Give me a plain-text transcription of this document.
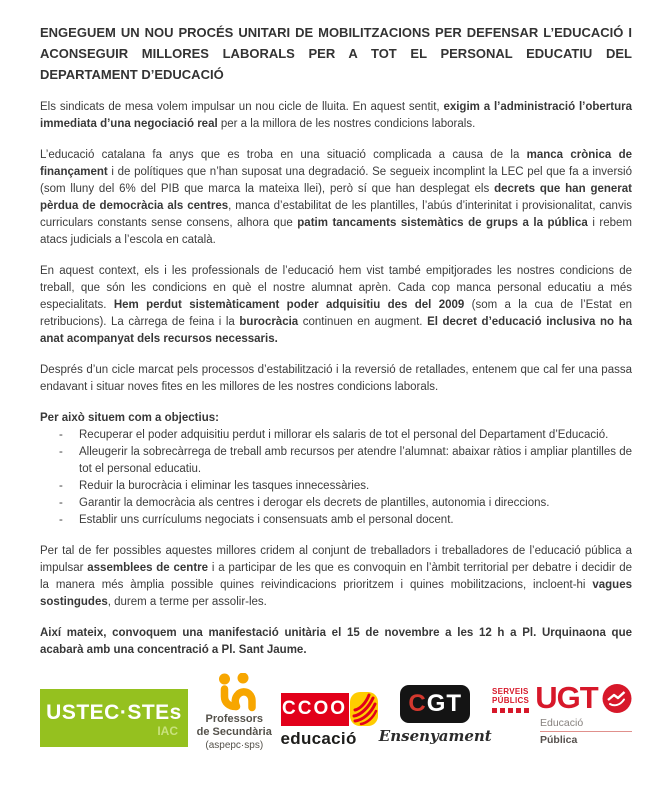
ENGEGUEM UN NOU PROCÉS UNITARI DE MOBILITZACIONS PER DEFENSAR L’EDUCACIÓ I ACONSEGUIR MILLORES LABORALS PER A TOT EL PERSONAL EDUCATIU DEL DEPARTAMENT D’EDUCACIÓ

Els sindicats de mesa volem impulsar un nou cicle de lluita. En aquest sentit, exigim a l’administració l’obertura immediata d’una negociació real per a la millora de les nostres condicions laborals.

L’educació catalana fa anys que es troba en una situació complicada a causa de la manca crònica de finançament i de polítiques que n’han suposat una degradació. Se segueix incomplint la LEC pel que fa a inversió (som lluny del 6% del PIB que marca la mateixa llei), però sí que han desplegat els decrets que han generat pèrdua de democràcia als centres, manca d’estabilitat de les plantilles, l’abús d’interinitat i provisionalitat, canvis curriculars constants sense consens, alhora que patim tancaments sistemàtics de grups a la pública i rebem atacs judicials a l’escola en català.

En aquest context, els i les professionals de l’educació hem vist també empitjorades les nostres condicions de treball, que són les condicions en què el nostre alumnat aprèn. Cada cop manca personal educatiu a més especialitats. Hem perdut sistemàticament poder adquisitiu des del 2009 (som a la cua de l’Estat en retribucions). La càrrega de feina i la burocràcia continuen en augment. El decret d’educació inclusiva no ha anat acompanyat dels recursos necessaris.

Després d’un cicle marcat pels processos d’estabilització i la reversió de retallades, entenem que cal fer una passa endavant i situar noves fites en les millores de les nostres condicions laborals.

Per això situem com a objectius:

-	Recuperar el poder adquisitiu perdut i millorar els salaris de tot el personal del Departament d’Educació.
-	Alleugerir la sobrecàrrega de treball amb recursos per atendre l’alumnat: abaixar ràtios i ampliar plantilles de tot el personal educatiu.
-	Reduir la burocràcia i eliminar les tasques innecessàries.
-	Garantir la democràcia als centres i derogar els decrets de plantilles, autonomia i direccions.
-	Establir uns currículums negociats i consensuats amb el personal docent.

Per tal de fer possibles aquestes millores cridem al conjunt de treballadors i treballadores de l’educació pública a impulsar assemblees de centre i a participar de les que es convoquin en l’àmbit territorial per debatre i decidir de la manera més àmplia possible quines reivindicacions prioritzem i quines mobilitzacions, incloent-hi vagues sostingudes, durem a terme per assolir-les.

Així mateix, convoquem una manifestació unitària el 15 de novembre a les 12 h a Pl. Urquinaona que acabarà amb una concentració a Pl. Sant Jaume.

USTEC·STEs
IAC
Professors
de Secundària
(aspepc·sps)
CCOO
educació
C GT
Ensenyament
SERVEIS
PÚBLICS UGT
Educació
Pública
